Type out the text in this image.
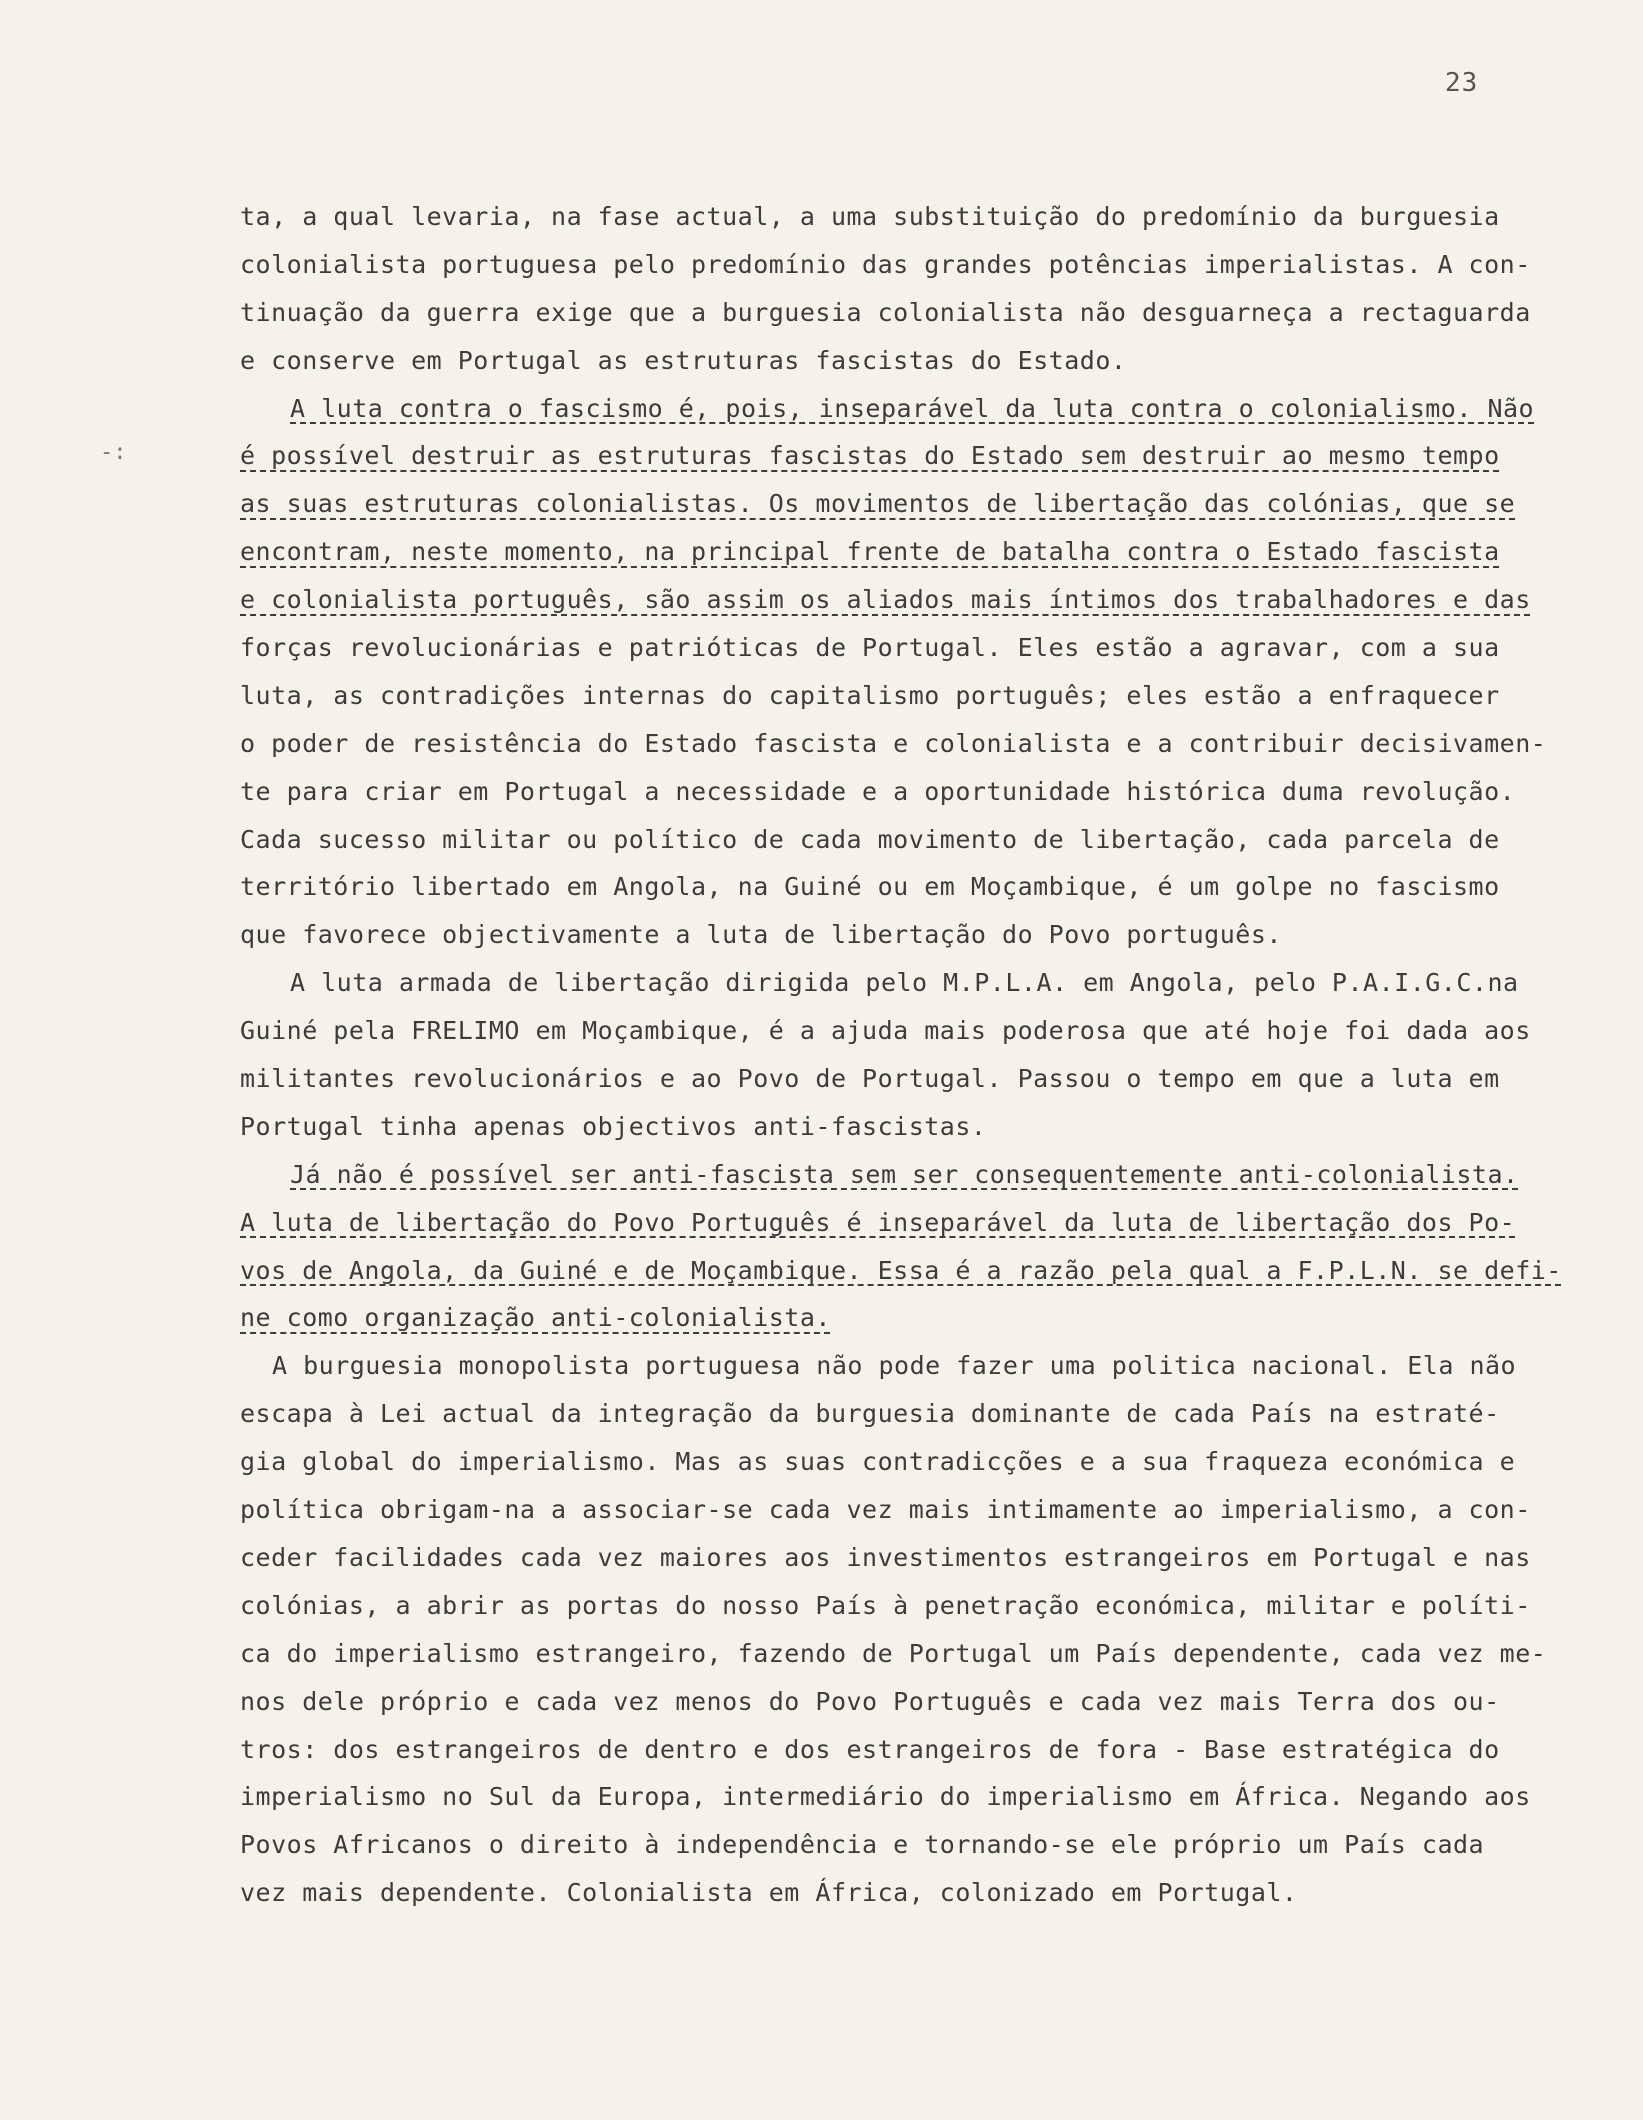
23
-:
ta, a qual levaria, na fase actual, a uma substituição do predomínio da burguesia
colonialista portuguesa pelo predomínio das grandes potências imperialistas. A con-
tinuação da guerra exige que a burguesia colonialista não desguarneça a rectaguarda
e conserve em Portugal as estruturas fascistas do Estado.
A luta contra o fascismo é, pois, inseparável da luta contra o colonialismo. Não
é possível destruir as estruturas fascistas do Estado sem destruir ao mesmo tempo
as suas estruturas colonialistas. Os movimentos de libertação das colónias, que se
encontram, neste momento, na principal frente de batalha contra o Estado fascista
e colonialista português, são assim os aliados mais íntimos dos trabalhadores e das
forças revolucionárias e patrióticas de Portugal. Eles estão a agravar, com a sua
luta, as contradições internas do capitalismo português; eles estão a enfraquecer
o poder de resistência do Estado fascista e colonialista e a contribuir decisivamen-
te para criar em Portugal a necessidade e a oportunidade histórica duma revolução.
Cada sucesso militar ou político de cada movimento de libertação, cada parcela de
território libertado em Angola, na Guiné ou em Moçambique, é um golpe no fascismo
que favorece objectivamente a luta de libertação do Povo português.
A luta armada de libertação dirigida pelo M.P.L.A. em Angola, pelo P.A.I.G.C.na
Guiné pela FRELIMO em Moçambique, é a ajuda mais poderosa que até hoje foi dada aos
militantes revolucionários e ao Povo de Portugal. Passou o tempo em que a luta em
Portugal tinha apenas objectivos anti-fascistas.
Já não é possível ser anti-fascista sem ser consequentemente anti-colonialista.
A luta de libertação do Povo Português é inseparável da luta de libertação dos Po-
vos de Angola, da Guiné e de Moçambique. Essa é a razão pela qual a F.P.L.N. se defi-
ne como organização anti-colonialista.
A burguesia monopolista portuguesa não pode fazer uma politica nacional. Ela não
escapa à Lei actual da integração da burguesia dominante de cada País na estraté-
gia global do imperialismo. Mas as suas contradicções e a sua fraqueza económica e
política obrigam-na a associar-se cada vez mais intimamente ao imperialismo, a con-
ceder facilidades cada vez maiores aos investimentos estrangeiros em Portugal e nas
colónias, a abrir as portas do nosso País à penetração económica, militar e políti-
ca do imperialismo estrangeiro, fazendo de Portugal um País dependente, cada vez me-
nos dele próprio e cada vez menos do Povo Português e cada vez mais Terra dos ou-
tros: dos estrangeiros de dentro e dos estrangeiros de fora - Base estratégica do
imperialismo no Sul da Europa, intermediário do imperialismo em África. Negando aos
Povos Africanos o direito à independência e tornando-se ele próprio um País cada
vez mais dependente. Colonialista em África, colonizado em Portugal.
